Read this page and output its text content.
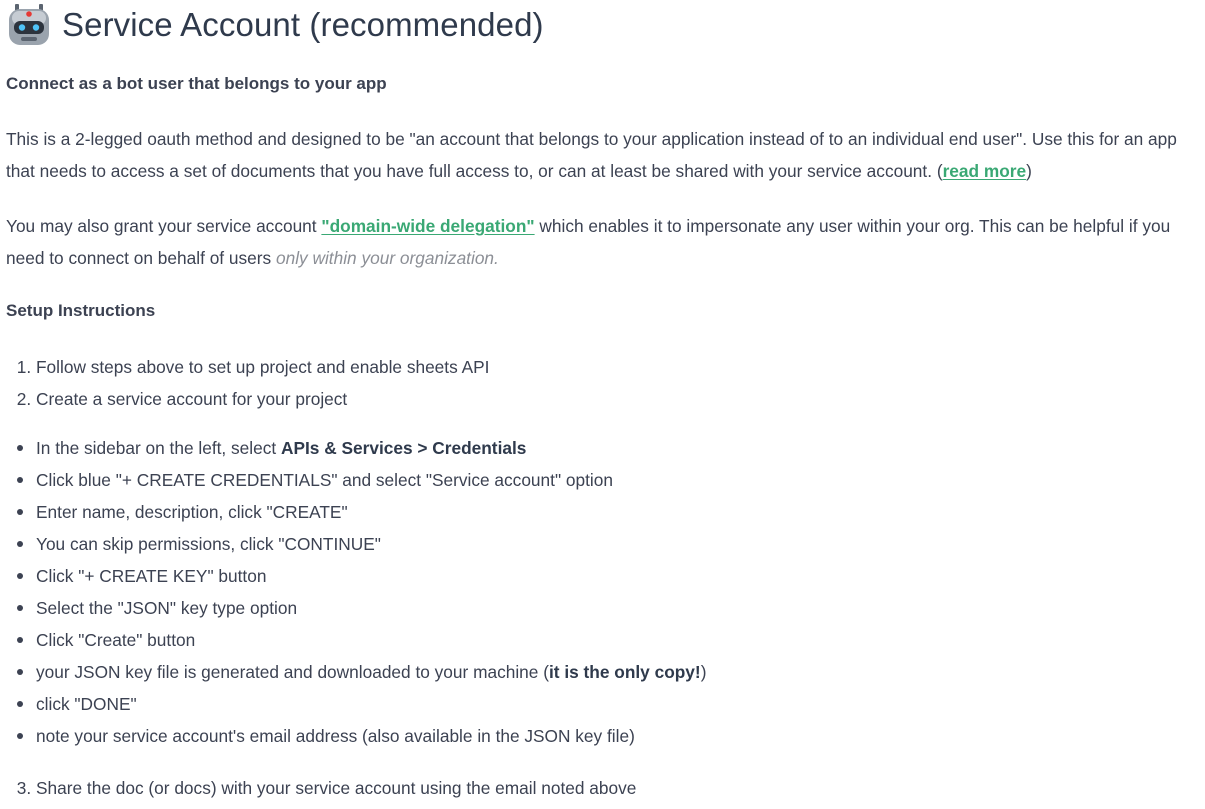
Service Account (recommended)
Connect as a bot user that belongs to your app
This is a 2-legged oauth method and designed to be "an account that belongs to your application instead of to an individual end user". Use this for an app that needs to access a set of documents that you have full access to, or can at least be shared with your service account. (read more)
You may also grant your service account "domain-wide delegation" which enables it to impersonate any user within your org. This can be helpful if you need to connect on behalf of users only within your organization.
Setup Instructions
1. Follow steps above to set up project and enable sheets API
2. Create a service account for your project
In the sidebar on the left, select APIs & Services > Credentials
Click blue "+ CREATE CREDENTIALS" and select "Service account" option
Enter name, description, click "CREATE"
You can skip permissions, click "CONTINUE"
Click "+ CREATE KEY" button
Select the "JSON" key type option
Click "Create" button
your JSON key file is generated and downloaded to your machine (it is the only copy!)
click "DONE"
note your service account's email address (also available in the JSON key file)
3. Share the doc (or docs) with your service account using the email noted above
